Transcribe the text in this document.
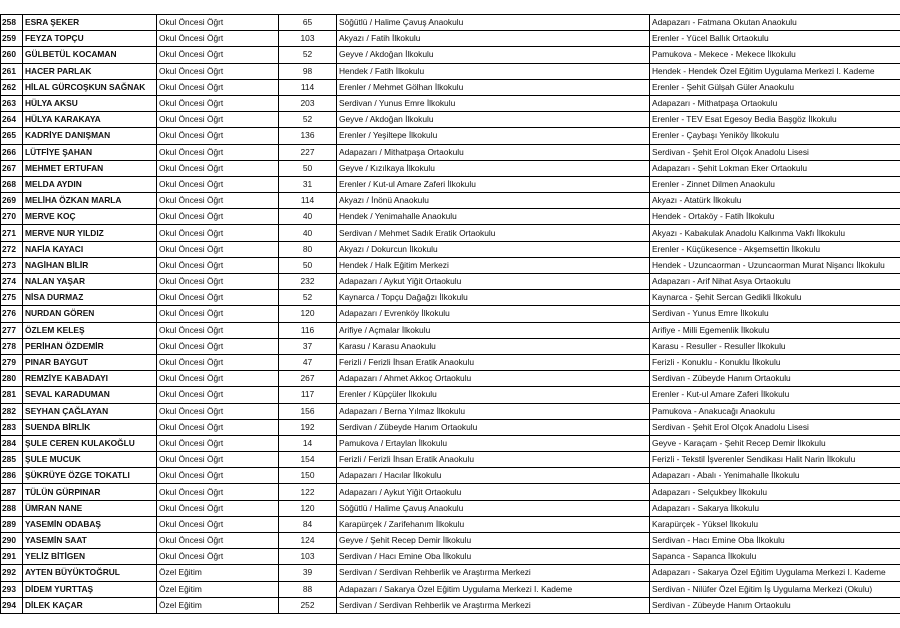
258	ESRA ŞEKER	Okul Öncesi Öğrt	65	Söğütlü / Halime Çavuş Anaokulu	Adapazarı - Fatmana Okutan Anaokulu
259	FEYZA TOPÇU	Okul Öncesi Öğrt	103	Akyazı / Fatih İlkokulu	Erenler - Yücel Ballık Ortaokulu
260	GÜLBETÜL KOCAMAN	Okul Öncesi Öğrt	52	Geyve / Akdoğan İlkokulu	Pamukova - Mekece - Mekece İlkokulu
261	HACER PARLAK	Okul Öncesi Öğrt	98	Hendek / Fatih İlkokulu	Hendek - Hendek Özel Eğitim Uygulama Merkezi I. Kademe
262	HİLAL GÜRCOŞKUN SAĞNAK	Okul Öncesi Öğrt	114	Erenler / Mehmet Gölhan İlkokulu	Erenler - Şehit Gülşah Güler Anaokulu
263	HÜLYA AKSU	Okul Öncesi Öğrt	203	Serdivan / Yunus Emre İlkokulu	Adapazarı - Mithatpaşa Ortaokulu
264	HÜLYA KARAKAYA	Okul Öncesi Öğrt	52	Geyve / Akdoğan İlkokulu	Erenler - TEV Esat Egesoy Bedia Başgöz İlkokulu
265	KADRİYE DANIŞMAN	Okul Öncesi Öğrt	136	Erenler / Yeşiltepe İlkokulu	Erenler - Çaybaşı Yeniköy İlkokulu
266	LÜTFİYE ŞAHAN	Okul Öncesi Öğrt	227	Adapazarı / Mithatpaşa Ortaokulu	Serdivan - Şehit Erol Olçok Anadolu Lisesi
267	MEHMET ERTUFAN	Okul Öncesi Öğrt	50	Geyve / Kızılkaya İlkokulu	Adapazarı - Şehit Lokman Eker Ortaokulu
268	MELDA AYDIN	Okul Öncesi Öğrt	31	Erenler / Kut-ul Amare Zaferi İlkokulu	Erenler - Zinnet Dilmen Anaokulu
269	MELİHA ÖZKAN MARLA	Okul Öncesi Öğrt	114	Akyazı / İnönü Anaokulu	Akyazı - Atatürk İlkokulu
270	MERVE KOÇ	Okul Öncesi Öğrt	40	Hendek / Yenimahalle Anaokulu	Hendek - Ortaköy - Fatih İlkokulu
271	MERVE NUR YILDIZ	Okul Öncesi Öğrt	40	Serdivan / Mehmet Sadık Eratik Ortaokulu	Akyazı - Kabakulak Anadolu Kalkınma Vakfı İlkokulu
272	NAFİA KAYACI	Okul Öncesi Öğrt	80	Akyazı / Dokurcun İlkokulu	Erenler - Küçükesence - Akşemsettin İlkokulu
273	NAGİHAN BİLİR	Okul Öncesi Öğrt	50	Hendek / Halk Eğitim Merkezi	Hendek - Uzuncaorman - Uzuncaorman Murat Nişancı İlkokulu
274	NALAN YAŞAR	Okul Öncesi Öğrt	232	Adapazarı / Aykut Yiğit Ortaokulu	Adapazarı - Arif Nihat Asya Ortaokulu
275	NİSA DURMAZ	Okul Öncesi Öğrt	52	Kaynarca / Topçu Dağağzı İlkokulu	Kaynarca - Şehit Sercan Gedikli İlkokulu
276	NURDAN GÖREN	Okul Öncesi Öğrt	120	Adapazarı / Evrenköy İlkokulu	Serdivan - Yunus Emre İlkokulu
277	ÖZLEM KELEŞ	Okul Öncesi Öğrt	116	Arifiye / Açmalar İlkokulu	Arifiye - Milli Egemenlik İlkokulu
278	PERİHAN ÖZDEMİR	Okul Öncesi Öğrt	37	Karasu / Karasu Anaokulu	Karasu - Resuller - Resuller İlkokulu
279	PINAR BAYGUT	Okul Öncesi Öğrt	47	Ferizli / Ferizli İhsan Eratik Anaokulu	Ferizli - Konuklu - Konuklu İlkokulu
280	REMZİYE KABADAYI	Okul Öncesi Öğrt	267	Adapazarı / Ahmet Akkoç Ortaokulu	Serdivan - Zübeyde Hanım Ortaokulu
281	SEVAL KARADUMAN	Okul Öncesi Öğrt	117	Erenler / Küpçüler İlkokulu	Erenler - Kut-ul Amare Zaferi İlkokulu
282	SEYHAN ÇAĞLAYAN	Okul Öncesi Öğrt	156	Adapazarı / Berna Yılmaz İlkokulu	Pamukova - Anakucağı Anaokulu
283	SUENDA BİRLİK	Okul Öncesi Öğrt	192	Serdivan / Zübeyde Hanım Ortaokulu	Serdivan - Şehit Erol Olçok Anadolu Lisesi
284	ŞULE CEREN KULAKOĞLU	Okul Öncesi Öğrt	14	Pamukova / Ertaylan İlkokulu	Geyve - Karaçam - Şehit Recep Demir İlkokulu
285	ŞULE MUCUK	Okul Öncesi Öğrt	154	Ferizli / Ferizli İhsan Eratik Anaokulu	Ferizli - Tekstil İşverenler Sendikası Halit Narin İlkokulu
286	ŞÜKRÜYE ÖZGE TOKATLI	Okul Öncesi Öğrt	150	Adapazarı / Hacılar İlkokulu	Adapazarı - Abalı - Yenimahalle İlkokulu
287	TÜLÜN GÜRPINAR	Okul Öncesi Öğrt	122	Adapazarı / Aykut Yiğit Ortaokulu	Adapazarı - Selçukbey İlkokulu
288	ÜMRAN NANE	Okul Öncesi Öğrt	120	Söğütlü / Halime Çavuş Anaokulu	Adapazarı - Sakarya İlkokulu
289	YASEMİN ODABAŞ	Okul Öncesi Öğrt	84	Karapürçek / Zarifehanım İlkokulu	Karapürçek - Yüksel İlkokulu
290	YASEMİN SAAT	Okul Öncesi Öğrt	124	Geyve / Şehit Recep Demir İlkokulu	Serdivan - Hacı Emine Oba İlkokulu
291	YELİZ BİTİGEN	Okul Öncesi Öğrt	103	Serdivan / Hacı Emine Oba İlkokulu	Sapanca - Sapanca İlkokulu
292	AYTEN BÜYÜKTOĞRUL	Özel Eğitim	39	Serdivan / Serdivan Rehberlik ve Araştırma Merkezi	Adapazarı - Sakarya Özel Eğitim Uygulama Merkezi I. Kademe
293	DİDEM YURTTAŞ	Özel Eğitim	88	Adapazarı / Sakarya Özel Eğitim Uygulama Merkezi I. Kademe	Serdivan - Nilüfer Özel Eğitim İş Uygulama Merkezi (Okulu)
294	DİLEK KAÇAR	Özel Eğitim	252	Serdivan / Serdivan Rehberlik ve Araştırma Merkezi	Serdivan - Zübeyde Hanım Ortaokulu
